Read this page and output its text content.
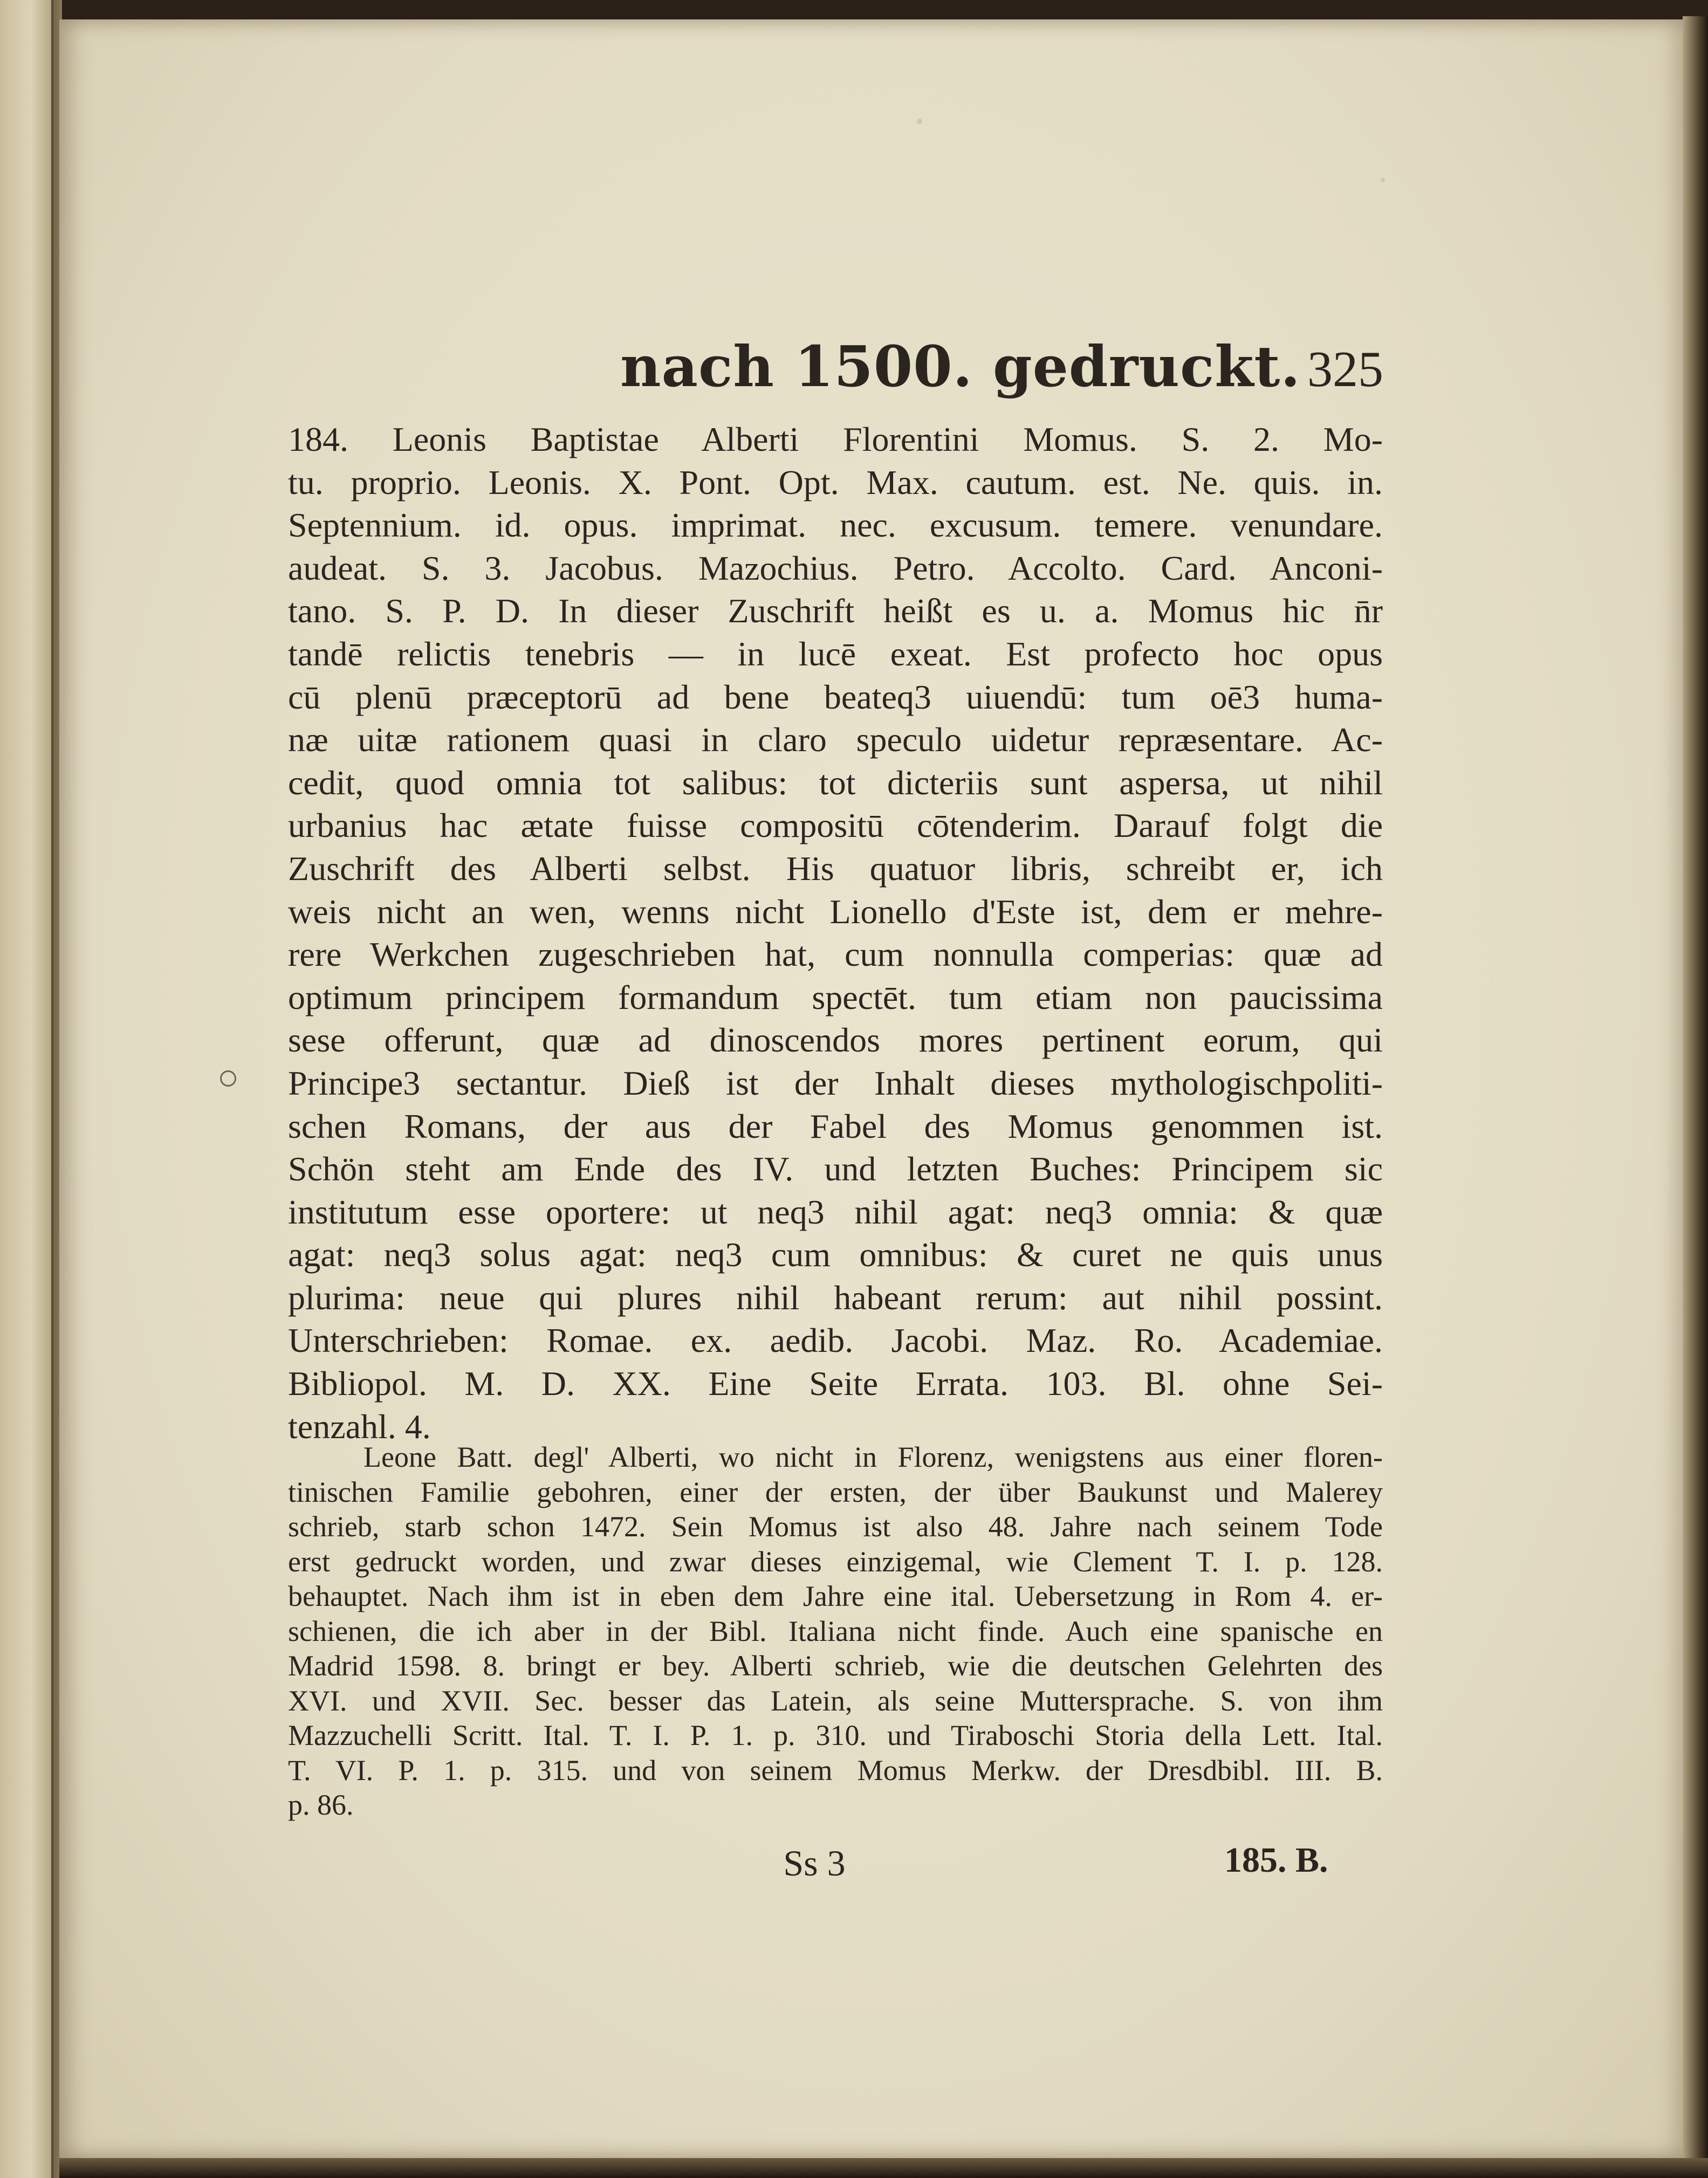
nach 1500. gedruckt. 325
184. Leonis Baptistae Alberti Florentini Momus. S. 2. Mo-
tu. proprio. Leonis. X. Pont. Opt. Max. cautum. est. Ne. quis. in.
Septennium. id. opus. imprimat. nec. excusum. temere. venundare.
audeat. S. 3. Jacobus. Mazochius. Petro. Accolto. Card. Anconi-
tano. S. P. D. In dieser Zuschrift heißt es u. a. Momus hic n̄r
tandē relictis tenebris — in lucē exeat. Est profecto hoc opus
cū plenū præceptorū ad bene beateq3 uiuendū: tum oē3 huma-
næ uitæ rationem quasi in claro speculo uidetur repræsentare. Ac-
cedit, quod omnia tot salibus: tot dicteriis sunt aspersa, ut nihil
urbanius hac ætate fuisse compositū cōtenderim. Darauf folgt die
Zuschrift des Alberti selbst. His quatuor libris, schreibt er, ich
weis nicht an wen, wenns nicht Lionello d'Este ist, dem er mehre-
rere Werkchen zugeschrieben hat, cum nonnulla comperias: quæ ad
optimum principem formandum spectēt. tum etiam non paucissima
sese offerunt, quæ ad dinoscendos mores pertinent eorum, qui
Principe3 sectantur. Dieß ist der Inhalt dieses mythologischpoliti-
schen Romans, der aus der Fabel des Momus genommen ist.
Schön steht am Ende des IV. und letzten Buches: Principem sic
institutum esse oportere: ut neq3 nihil agat: neq3 omnia: & quæ
agat: neq3 solus agat: neq3 cum omnibus: & curet ne quis unus
plurima: neue qui plures nihil habeant rerum: aut nihil possint.
Unterschrieben: Romae. ex. aedib. Jacobi. Maz. Ro. Academiae.
Bibliopol. M. D. XX. Eine Seite Errata. 103. Bl. ohne Sei-
tenzahl. 4.
Leone Batt. degl' Alberti, wo nicht in Florenz, wenigstens aus einer floren-
tinischen Familie gebohren, einer der ersten, der über Baukunst und Malerey
schrieb, starb schon 1472. Sein Momus ist also 48. Jahre nach seinem Tode
erst gedruckt worden, und zwar dieses einzigemal, wie Clement T. I. p. 128.
behauptet. Nach ihm ist in eben dem Jahre eine ital. Uebersetzung in Rom 4. er-
schienen, die ich aber in der Bibl. Italiana nicht finde. Auch eine spanische en
Madrid 1598. 8. bringt er bey. Alberti schrieb, wie die deutschen Gelehrten des
XVI. und XVII. Sec. besser das Latein, als seine Muttersprache. S. von ihm
Mazzuchelli Scritt. Ital. T. I. P. 1. p. 310. und Tiraboschi Storia della Lett. Ital.
T. VI. P. 1. p. 315. und von seinem Momus Merkw. der Dresdbibl. III. B.
p. 86.
Ss 3	185. B.
